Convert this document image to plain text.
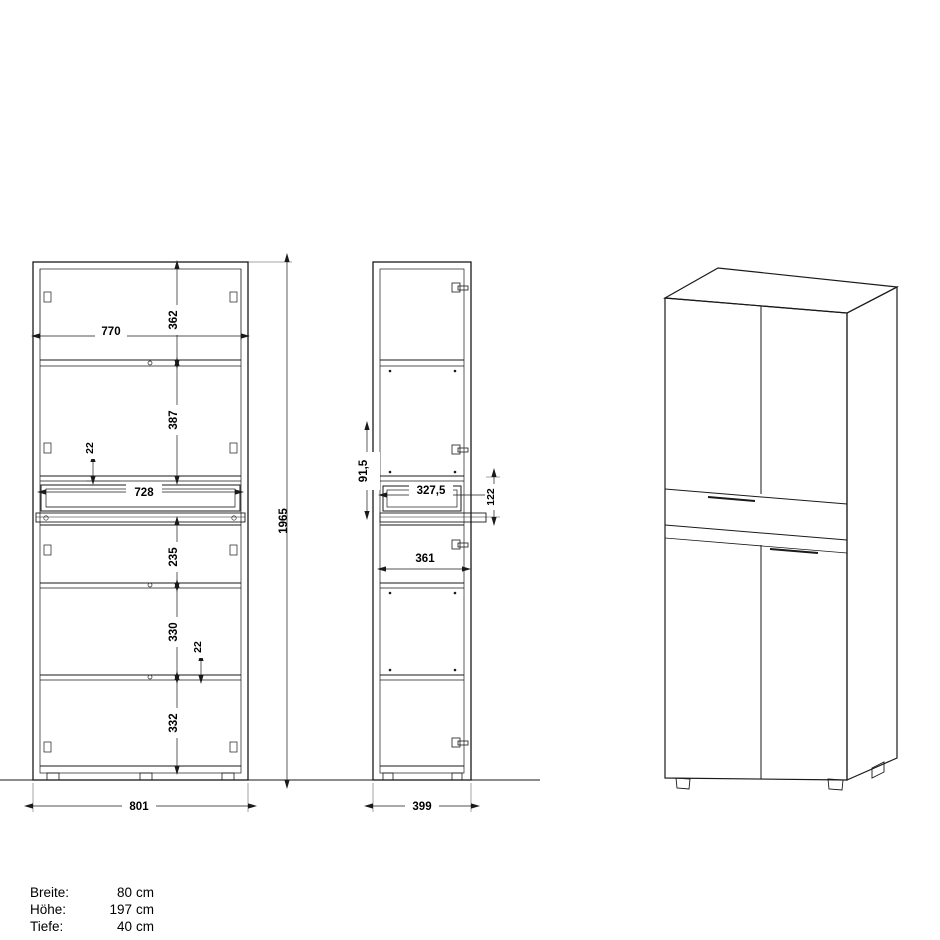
770
801
1965
362
387
22
728
235
330
22
332
399
91,5
327,5	122
361
Breite:	80 cm
Höhe:	197 cm
Tiefe:	40 cm
